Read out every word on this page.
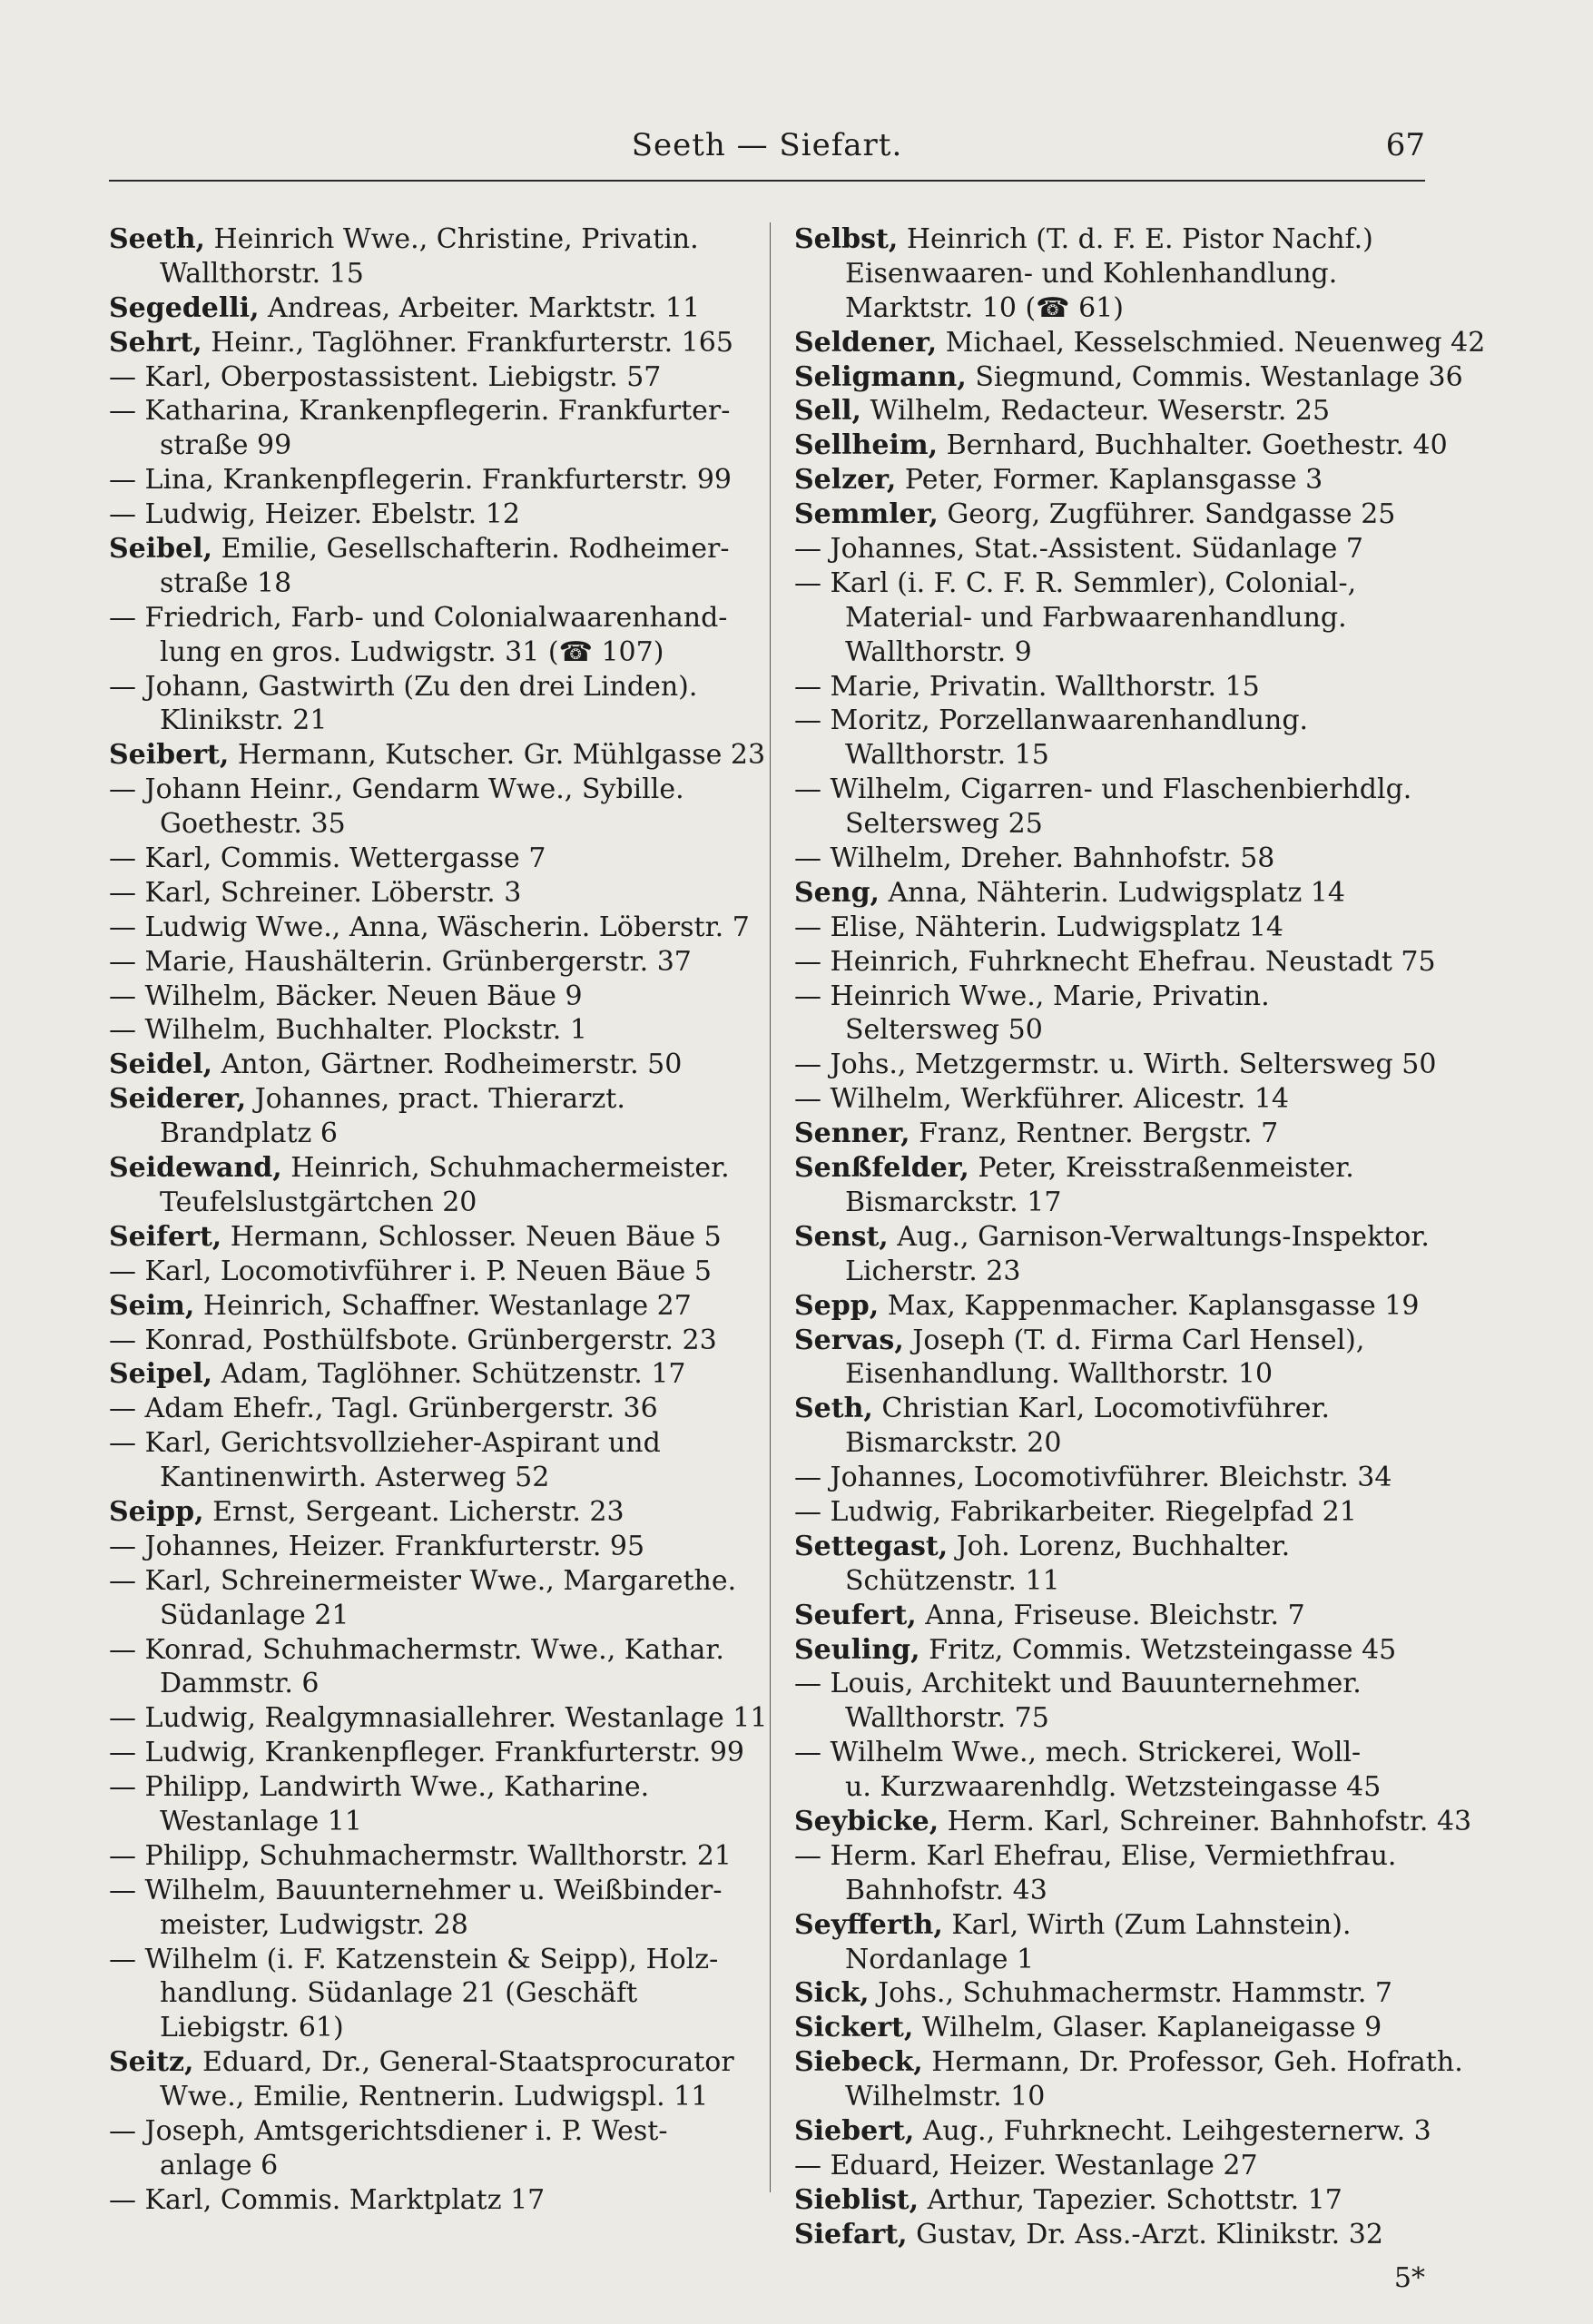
Seeth — Siefart.	67
Seeth, Heinrich Wwe., Christine, Privatin.
Wallthorstr. 15
Segedelli, Andreas, Arbeiter. Marktstr. 11
Sehrt, Heinr., Taglöhner. Frankfurterstr. 165
— Karl, Oberpostassistent. Liebigstr. 57
— Katharina, Krankenpflegerin. Frankfurter-
straße 99
— Lina, Krankenpflegerin. Frankfurterstr. 99
— Ludwig, Heizer. Ebelstr. 12
Seibel, Emilie, Gesellschafterin. Rodheimer-
straße 18
— Friedrich, Farb- und Colonialwaarenhand-
lung en gros. Ludwigstr. 31 (☎ 107)
— Johann, Gastwirth (Zu den drei Linden).
Klinikstr. 21
Seibert, Hermann, Kutscher. Gr. Mühlgasse 23
— Johann Heinr., Gendarm Wwe., Sybille.
Goethestr. 35
— Karl, Commis. Wettergasse 7
— Karl, Schreiner. Löberstr. 3
— Ludwig Wwe., Anna, Wäscherin. Löberstr. 7
— Marie, Haushälterin. Grünbergerstr. 37
— Wilhelm, Bäcker. Neuen Bäue 9
— Wilhelm, Buchhalter. Plockstr. 1
Seidel, Anton, Gärtner. Rodheimerstr. 50
Seiderer, Johannes, pract. Thierarzt.
Brandplatz 6
Seidewand, Heinrich, Schuhmachermeister.
Teufelslustgärtchen 20
Seifert, Hermann, Schlosser. Neuen Bäue 5
— Karl, Locomotivführer i. P. Neuen Bäue 5
Seim, Heinrich, Schaffner. Westanlage 27
— Konrad, Posthülfsbote. Grünbergerstr. 23
Seipel, Adam, Taglöhner. Schützenstr. 17
— Adam Ehefr., Tagl. Grünbergerstr. 36
— Karl, Gerichtsvollzieher-Aspirant und
Kantinenwirth. Asterweg 52
Seipp, Ernst, Sergeant. Licherstr. 23
— Johannes, Heizer. Frankfurterstr. 95
— Karl, Schreinermeister Wwe., Margarethe.
Südanlage 21
— Konrad, Schuhmachermstr. Wwe., Kathar.
Dammstr. 6
— Ludwig, Realgymnasiallehrer. Westanlage 11
— Ludwig, Krankenpfleger. Frankfurterstr. 99
— Philipp, Landwirth Wwe., Katharine.
Westanlage 11
— Philipp, Schuhmachermstr. Wallthorstr. 21
— Wilhelm, Bauunternehmer u. Weißbinder-
meister, Ludwigstr. 28
— Wilhelm (i. F. Katzenstein & Seipp), Holz-
handlung. Südanlage 21 (Geschäft
Liebigstr. 61)
Seitz, Eduard, Dr., General-Staatsprocurator
Wwe., Emilie, Rentnerin. Ludwigspl. 11
— Joseph, Amtsgerichtsdiener i. P. West-
anlage 6
— Karl, Commis. Marktplatz 17
Selbst, Heinrich (T. d. F. E. Pistor Nachf.)
Eisenwaaren- und Kohlenhandlung.
Marktstr. 10 (☎ 61)
Seldener, Michael, Kesselschmied. Neuenweg 42
Seligmann, Siegmund, Commis. Westanlage 36
Sell, Wilhelm, Redacteur. Weserstr. 25
Sellheim, Bernhard, Buchhalter. Goethestr. 40
Selzer, Peter, Former. Kaplansgasse 3
Semmler, Georg, Zugführer. Sandgasse 25
— Johannes, Stat.-Assistent. Südanlage 7
— Karl (i. F. C. F. R. Semmler), Colonial-,
Material- und Farbwaarenhandlung.
Wallthorstr. 9
— Marie, Privatin. Wallthorstr. 15
— Moritz, Porzellanwaarenhandlung.
Wallthorstr. 15
— Wilhelm, Cigarren- und Flaschenbierhdlg.
Seltersweg 25
— Wilhelm, Dreher. Bahnhofstr. 58
Seng, Anna, Nähterin. Ludwigsplatz 14
— Elise, Nähterin. Ludwigsplatz 14
— Heinrich, Fuhrknecht Ehefrau. Neustadt 75
— Heinrich Wwe., Marie, Privatin.
Seltersweg 50
— Johs., Metzgermstr. u. Wirth. Seltersweg 50
— Wilhelm, Werkführer. Alicestr. 14
Senner, Franz, Rentner. Bergstr. 7
Senßfelder, Peter, Kreisstraßenmeister.
Bismarckstr. 17
Senst, Aug., Garnison-Verwaltungs-Inspektor.
Licherstr. 23
Sepp, Max, Kappenmacher. Kaplansgasse 19
Servas, Joseph (T. d. Firma Carl Hensel),
Eisenhandlung. Wallthorstr. 10
Seth, Christian Karl, Locomotivführer.
Bismarckstr. 20
— Johannes, Locomotivführer. Bleichstr. 34
— Ludwig, Fabrikarbeiter. Riegelpfad 21
Settegast, Joh. Lorenz, Buchhalter.
Schützenstr. 11
Seufert, Anna, Friseuse. Bleichstr. 7
Seuling, Fritz, Commis. Wetzsteingasse 45
— Louis, Architekt und Bauunternehmer.
Wallthorstr. 75
— Wilhelm Wwe., mech. Strickerei, Woll-
u. Kurzwaarenhdlg. Wetzsteingasse 45
Seybicke, Herm. Karl, Schreiner. Bahnhofstr. 43
— Herm. Karl Ehefrau, Elise, Vermiethfrau.
Bahnhofstr. 43
Seyfferth, Karl, Wirth (Zum Lahnstein).
Nordanlage 1
Sick, Johs., Schuhmachermstr. Hammstr. 7
Sickert, Wilhelm, Glaser. Kaplaneigasse 9
Siebeck, Hermann, Dr. Professor, Geh. Hofrath.
Wilhelmstr. 10
Siebert, Aug., Fuhrknecht. Leihgesternerw. 3
— Eduard, Heizer. Westanlage 27
Sieblist, Arthur, Tapezier. Schottstr. 17
Siefart, Gustav, Dr. Ass.-Arzt. Klinikstr. 32
5*
